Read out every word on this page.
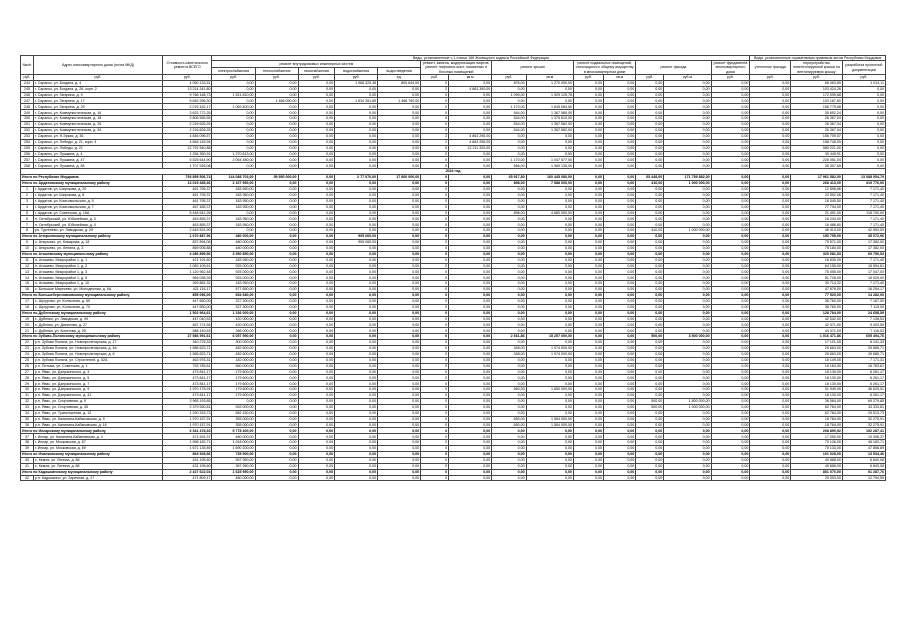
№п/п	Адрес многоквартирного дома (почта МКД)	Стоимость капитального ремонта ВСЕГО	Виды, установленные ч.1 статьи 166 Жилищного кодекса Российской Федерации														Виды, установленные нормативным правовым актом Республики Мордовия		
			ремонт внутридомовых инженерных систем					ремонт, замена, модернизация лифтов, ремонт лифтовых шахт, машинных и блочных помещений		ремонт крыши		ремонт подвальных помещений, относящихся к общему имуществу в многоквартирном доме		ремонт фасада		ремонт фундамента многоквартирного дома	утепление фасада	переустройство невентилируемой крыши на вентилируемую крышу	разработка проектной документации
			электроснабжения	теплоснабжения	газоснабжения	водоснабжения	водоотведения												
руб.	руб.	руб.	руб.	руб.	руб.	руб.	ед.	руб.	кв.м	руб.	кв.м	руб.	кв.м	руб.	куб.м	руб.	руб.	руб.	руб.
244	г. Саранск, ул. Богдана, д. 4	4 050 133,51	0,00	0,00	0,00	1 986 325,38	805 644,00	0	0,00	876,00	1 270 090,00	0,00	0,00	0,00	0,00	0,00	0,00	68 463,89	1 014,11
245	г. Саранск, ул. Богдана, д. 26, корп. 2	13 214 341,80	0,00	0,00	0,00	0,00	0,00	2	4 863 390,00	0,00	0,00	0,00	0,00	0,00	0,00	0,00	0,00	103 424,26	0,00
246	г. Саранск, ул. Гагарина, д. 9	9 766 168,73	1 521 810,00	0,00	0,00	0,00	0,00	0	0,00	1 099,00	1 929 125,76	0,00	0,00	0,00	0,00	0,00	0,00	172 095,88	0,00
247	г. Саранск, ул. Гагарина, д. 17	5 645 296,30	0,00	1 466 090,00	0,00	1 634 351,85	1 466 790,00	0	0,00	0,00	0,00	0,00	0,00	0,00	0,00	0,00	0,00	103 167,60	0,00
248	г. Саранск, ул. Гагарина, д. 29	2 076 162,17	1 069 400,00	0,00	0,00	0,00	0,00	0	0,00	1 170,00	1 645 084,50	0,00	0,00	0,00	0,00	0,00	0,00	158 775,68	0,00
249	г. Саранск, ул. Коммунистическая, д. 16	3 623 772,25	0,00	0,00	0,00	0,00	0,00	0	0,00	544,00	1 367 585,00	0,00	0,00	0,00	0,00	0,00	0,00	35 652,24	0,00
250	г. Саранск, ул. Коммунистическая, д. 18	2 806 555,55	0,00	0,00	0,00	0,00	0,00	0	0,00	544,00	1 375 610,00	0,00	0,00	0,00	0,00	0,00	0,00	26 367,04	0,00
251	г. Саранск, ул. Коммунистическая, д. 26	2 216 626,25	0,00	0,00	0,00	0,00	0,00	0	0,00	544,00	1 367 582,00	0,00	0,00	0,00	0,00	0,00	0,00	26 367,04	0,00
252	г. Саранск, ул. Коммунистическая, д. 34	2 216 626,25	0,00	0,00	0,00	0,00	0,00	0	0,00	544,00	1 367 582,00	0,00	0,00	0,00	0,00	0,00	0,00	26 367,04	0,00
253	г. Саранск, ул. Н.Эркая, д. 36	4 846 096,57	0,00	0,00	0,00	0,00	0,00	2	4 863 296,00	0,00	0,00	0,00	0,00	0,00	0,00	0,00	0,00	158 709,57	0,00
254	г. Саранск, ул. Победы, д. 21, корп. 4	4 846 145,94	0,00	0,00	0,00	0,00	0,00	2	4 863 296,00	0,00	0,00	0,00	0,00	0,00	0,00	0,00	0,00	158 746,09	0,00
255	г. Саранск, ул. Победы, д. 21	12 791 540,88	0,00	0,00	0,00	0,00	0,00	5	12 211 320,00	0,00	0,00	0,00	0,00	0,00	0,00	0,00	0,00	580 221,00	0,00
256	г. Саранск, ул. Пушкина, д. 4	1 254 350,91	1 270 613,00	0,00	0,00	0,00	0,00	0	0,00	0,00	0,00	0,00	0,00	0,00	0,00	0,00	0,00	30 440,91	0,00
257	г. Саранск, ул. Пушкина, д. 47	5 525 644,90	2 054 480,00	0,00	0,00	0,00	0,00	0	0,00	1 170,00	1 047 577,00	0,00	0,00	0,00	0,00	0,00	0,00	226 051,04	0,00
258	г. Саранск, ул. Пушкина, д. 56	1 707 926,08	0,00	0,00	0,00	0,00	0,00	0	0,00	566,00	1 369 135,00	0,00	0,00	0,00	0,00	0,00	0,00	35 307,69	0,00
2024 год																			
Итого по Республике Мордовия		793 859 506,74	144 088 703,00	59 950 000,00	0,00	2 77 070,00	17 800 000,00	0	0,00	65 917,80	160 445 080,00	0,00	0,00	65 448,00	171 759 882,00	0,00	0,00	17 961 582,00	13 088 054,79
Итого по Ардатовскому муниципальному району		13 015 485,46	2 167 950,00	0,00	0,00	0,00	0,00	0	0,00	898,00	7 588 000,00	0,00	0,00	410,00	1 000 000,00	0,00	0,00	268 413,00	319 776,00
1	г. Ардатов, ул. Широкова, д. 20	461 795,37	183 950,00	0,00	0,00	0,00	0,00	0	0,00	0,00	0,00	0,00	0,00	0,00	0,00	0,00	0,00	12 596,86	7 171,40
2	г. Ардатов, ул. Широкова, д. 8	461 795,37	183 950,00	0,00	0,00	0,00	0,00	0	0,00	0,00	0,00	0,00	0,00	0,00	0,00	0,00	0,00	23 592,06	7 171,40
3	г. Ардатов, ул. Комсомольская, д. 5	461 795,37	183 950,00	0,00	0,00	0,00	0,00	0	0,00	0,00	0,00	0,00	0,00	0,00	0,00	0,00	0,00	16 045,50	7 171,40
4	г. Ардатов, ул. Комсомольская, д. 7	467 485,37	183 950,00	0,00	0,00	0,00	0,00	0	0,00	0,00	0,00	0,00	0,00	0,00	0,00	0,00	0,00	77 794,00	7 171,40
5	г. Ардатов, ул. Советская, д. 16А	5 448 541,26	0,00	0,00	0,00	0,00	0,00	0	0,00	898,00	4 680 000,00	0,00	0,00	0,00	0,00	0,00	0,00	21 491,00	118 700,00
6	п. Октябрьский, ул. Юбилейная, д. 3	463 855,37	183 950,00	0,00	0,00	0,00	0,00	0	0,00	0,00	0,00	0,00	0,00	0,00	0,00	0,00	0,00	16 234,00	7 171,40
7	п. Октябрьский, ул. Юбилейная, д. 4	463 855,37	183 950,00	0,00	0,00	0,00	0,00	0	0,00	0,00	0,00	0,00	0,00	0,00	0,00	0,00	0,00	16 486,60	7 171,40
8	рп. Тургенево, ул. Заводская, д. 29	2 645 531,90	0,00	0,00	0,00	0,00	0,00	0	0,00	0,00	0,00	0,00	0,00	410,00	1 000 000,00	0,00	0,00	46 413,00	42 953,00
Итого по Атюрьевскому муниципальному району		1 670 887,96	480 000,00	0,00	0,00	905 060,00	0,00	0	0,00	0,00	0,00	0,00	0,00	0,00	0,00	0,00	0,00	150 755,00	35 072,96
9	с. Атюрьево, ул. Комарова, д. 18	837 894,08	480 000,00	0,00	0,00	905 060,00	0,00	0	0,00	0,00	0,00	0,00	0,00	0,00	0,00	0,00	0,00	75 571,00	17 382,00
10	с. Атюрьево, ул. Ленина, д. 3	869 005,88	480 000,00	0,00	0,00	0,00	0,00	0	0,00	0,00	0,00	0,00	0,00	0,00	0,00	0,00	0,00	75 184,00	17 382,00
Итого по Атяшевскому муниципальному району		4 286 899,56	3 350 850,00	0,00	0,00	0,00	0,00	0	0,00	0,00	0,00	0,00	0,00	0,00	0,00	0,00	0,00	320 081,53	69 750,54
11	п. Атяшево, Микрорайон 1, д. 1	421 191,60	183 950,00	0,00	0,00	0,00	0,00	0	0,00	0,00	0,00	0,00	0,00	0,00	0,00	0,00	0,00	16 835,09	7 171,40
12	п. Атяшево, Микрорайон 1, д. 2	1 083 109,61	925 000,00	0,00	0,00	0,00	0,00	0	0,00	0,00	0,00	0,00	0,00	0,00	0,00	0,00	0,00	64 155,00	16 554,61
13	п. Атяшево, Микрорайон 1, д. 3	1 120 962,48	925 000,00	0,00	0,00	0,00	0,00	0	0,00	0,00	0,00	0,00	0,00	0,00	0,00	0,00	0,00	75 055,00	17 047,00
14	п. Атяшево, Микрорайон 1, д. 5	989 038,39	925 000,00	0,00	0,00	0,00	0,00	0	0,00	0,00	0,00	0,00	0,00	0,00	0,00	0,00	0,00	51 728,00	15 029,00
15	п. Атяшево, Микрорайон 1, д. 10	269 881,32	183 950,00	0,00	0,00	0,00	0,00	0	0,00	0,00	0,00	0,00	0,00	0,00	0,00	0,00	0,00	30 714,32	7 171,40
16	с. Большое Маресево, ул. Молодежная, д. 6А	421 116,17	577 650,00	0,00	0,00	0,00	0,00	0	0,00	0,00	0,00	0,00	0,00	0,00	0,00	0,00	0,00	47 876,00	16 254,17
Итого по Большеберезниковскому муниципальному району		855 096,00	654 680,00	0,00	0,00	0,00	0,00	0	0,00	0,00	0,00	0,00	0,00	0,00	0,00	0,00	0,00	77 520,00	14 282,00
17	с. Шугурово, ул. Колхозная, д. 69	447 650,00	327 300,00	0,00	0,00	0,00	0,00	0	0,00	0,00	0,00	0,00	0,00	0,00	0,00	0,00	0,00	38 760,00	7 167,00
18	с. Шугурово, ул. Колхозная, д. 70	447 650,00	327 300,00	0,00	0,00	0,00	0,00	0	0,00	0,00	0,00	0,00	0,00	0,00	0,00	0,00	0,00	38 760,00	7 115,00
Итого по Дубенскому муниципальному району		1 502 964,61	1 236 000,00	0,00	0,00	0,00	0,00	0	0,00	0,00	0,00	0,00	0,00	0,00	0,00	0,00	0,00	128 784,00	24 658,59
19	с. Дубенки, ул. Заводская, д. 49	447 040,53	420 000,00	0,00	0,00	0,00	0,00	0	0,00	0,00	0,00	0,00	0,00	0,00	0,00	0,00	0,00	42 042,00	7 138,53
20	с. Дубенки, ул. Данилова, д. 27	467 774,55	420 000,00	0,00	0,00	0,00	0,00	0	0,00	0,00	0,00	0,00	0,00	0,00	0,00	0,00	0,00	42 371,00	9 403,55
21	с. Дубенки, ул. Кочетова, д. 25	588 149,53	396 000,00	0,00	0,00	0,00	0,00	0	0,00	0,00	0,00	0,00	0,00	0,00	0,00	0,00	0,00	44 371,00	7 116,53
Итого по Зубово-Полянскому муниципальному району		27 586 991,61	6 057 950,00	0,00	0,00	0,00	0,00	0	0,00	2 661,86	15 257 000,00	0,00	0,00	500,00	3 500 000,00	0,00	0,00	1 016 471,86	605 494,76
22	р.п. Зубова Поляна, ул. Новопролетарская, д. 17	340 276,33	300 000,00	0,00	0,00	0,00	0,00	0	0,00	0,00	0,00	0,00	0,00	0,00	0,00	0,00	0,00	17 101,00	6 141,33
23	р.п. Зубова Поляна, ул. Новопролетарская, д. 4а	1 586 623,71	482 600,00	0,00	0,00	0,00	0,00	0	0,00	348,00	1 074 000,00	0,00	0,00	0,00	0,00	0,00	0,00	29 663,00	39 685,71
24	р.п. Зубова Поляна, ул. Новопролетарская, д. 6	1 586 623,71	482 600,00	0,00	0,00	0,00	0,00	0	0,00	348,00	1 074 000,00	0,00	0,00	0,00	0,00	0,00	0,00	29 663,00	39 685,71
25	р.п. Зубова Поляна, ул. Строителей, д. 52А	463 976,31	182 000,00	0,00	0,00	0,00	0,00	0	0,00	0,00	0,00	0,00	0,00	0,00	0,00	0,00	0,00	16 149,00	7 171,31
26	р.п. Потьма, ул. Советская, д. 1	793 785,61	560 000,00	0,00	0,00	0,00	0,00	0	0,00	0,00	0,00	0,00	0,00	0,00	0,00	0,00	0,00	16 163,00	16 783,61
27	р.п. Явас, ул. Дзержинского, д. 3	473 841,17	179 600,00	0,00	0,00	0,00	0,00	0	0,00	0,00	0,00	0,00	0,00	0,00	0,00	0,00	0,00	18 130,00	6 261,17
28	р.п. Явас, ул. Дзержинского, д. 5	473 841,17	179 600,00	0,00	0,00	0,00	0,00	0	0,00	0,00	0,00	0,00	0,00	0,00	0,00	0,00	0,00	18 130,00	6 261,17
29	р.п. Явас, ул. Дзержинского, д. 7	473 841,17	179 600,00	0,00	0,00	0,00	0,00	0	0,00	0,00	0,00	0,00	0,00	0,00	0,00	0,00	0,00	18 130,00	6 261,17
30	р.п. Явас, ул. Дзержинского, д. 9	1 970 178,91	179 600,00	0,00	0,00	0,00	0,00	0	0,00	650,00	1 650 000,00	0,00	0,00	0,00	0,00	0,00	0,00	31 949,00	46 629,91
31	р.п. Явас, ул. Дзержинского, д. 41	473 841,17	179 600,00	0,00	0,00	0,00	0,00	0	0,00	0,00	0,00	0,00	0,00	0,00	0,00	0,00	0,00	18 130,00	6 261,17
32	р.п. Явас, ул. Спортивная, д. 5	3 965 193,85	0,00	0,00	0,00	0,00	0,00	0	0,00	0,00	0,00	0,00	0,00	500,00	1 800 000,00	0,00	0,00	36 084,00	69 279,85
33	р.п. Явас, ул. Спортивная, д. 35	2 379 530,81	933 000,00	0,00	0,00	0,00	0,00	0	0,00	0,00	0,00	0,00	0,00	500,00	1 000 000,00	0,00	0,00	62 764,00	33 333,81
34	р.п. Явас, ул. Транспортная, д. 12	1 290 315,73	582 150,00	0,00	0,00	0,00	0,00	0	0,00	0,00	0,00	0,00	0,00	0,00	0,00	0,00	0,00	62 764,00	25 513,73
35	р.п. Явас, ул. Калинина-Кабановская, д. 9	1 970 157,91	355 000,00	0,00	0,00	0,00	0,00	0	0,00	650,00	1 564 000,00	0,00	0,00	0,00	0,00	0,00	0,00	18 784,00	32 275,91
36	р.п. Явас, ул. Калинина-Кабановская, д. 16	1 970 157,91	355 000,00	0,00	0,00	0,00	0,00	0	0,00	650,00	1 564 000,00	0,00	0,00	0,00	0,00	0,00	0,00	18 784,00	32 275,91
Итого по Инсарскому муниципальному району		6 341 478,33	5 778 400,00	0,00	0,00	0,00	0,00	0	0,00	0,00	0,00	0,00	0,00	0,00	0,00	0,00	0,00	208 890,92	152 287,41
37	г. Инсар, ул. Калинина-Кабановская, д. 4	471 924,37	480 000,00	0,00	0,00	0,00	0,00	0	0,00	0,00	0,00	0,00	0,00	0,00	0,00	0,00	0,00	17 050,00	10 396,37
38	г. Инсар, ул. Московская, д. 67	1 998 182,71	1 918 000,00	0,00	0,00	0,00	0,00	0	0,00	0,00	0,00	0,00	0,00	0,00	0,00	0,00	0,00	70 126,00	46 183,71
39	г. Инсар, ул. Московская, д. 69	1 671 135,89	1 690 200,00	0,00	0,00	0,00	0,00	0	0,00	0,00	0,00	0,00	0,00	0,00	0,00	0,00	0,00	70 133,00	47 856,89
Итого по Ичалковскому муниципальному району		863 928,56	735 900,00	0,00	0,00	0,00	0,00	0	0,00	0,00	0,00	0,00	0,00	0,00	0,00	0,00	0,00	101 028,00	13 534,46
40	с. Кемля, ул. Ленина, д. 86	431 195,60	367 950,00	0,00	0,00	0,00	0,00	0	0,00	0,00	0,00	0,00	0,00	0,00	0,00	0,00	0,00	49 888,00	6 840,08
41	с. Кемля, ул. Ленина, д. 88	431 195,60	367 950,00	0,00	0,00	0,00	0,00	0	0,00	0,00	0,00	0,00	0,00	0,00	0,00	0,00	0,00	49 888,00	6 840,08
Итого по Кадошкинскому муниципальному району		2 427 622,04	1 625 950,00	0,00	0,00	0,00	0,00	0	0,00	0,00	0,00	0,00	0,00	0,00	0,00	0,00	0,00	801 070,00	51 287,76
42	р.п. Кадошкино, ул. Заречная, д. 27	471 809,17	480 000,00	0,00	0,00	0,00	0,00	0	0,00	0,00	0,00	0,00	0,00	0,00	0,00	0,00	0,00	29 093,00	12 794,59
